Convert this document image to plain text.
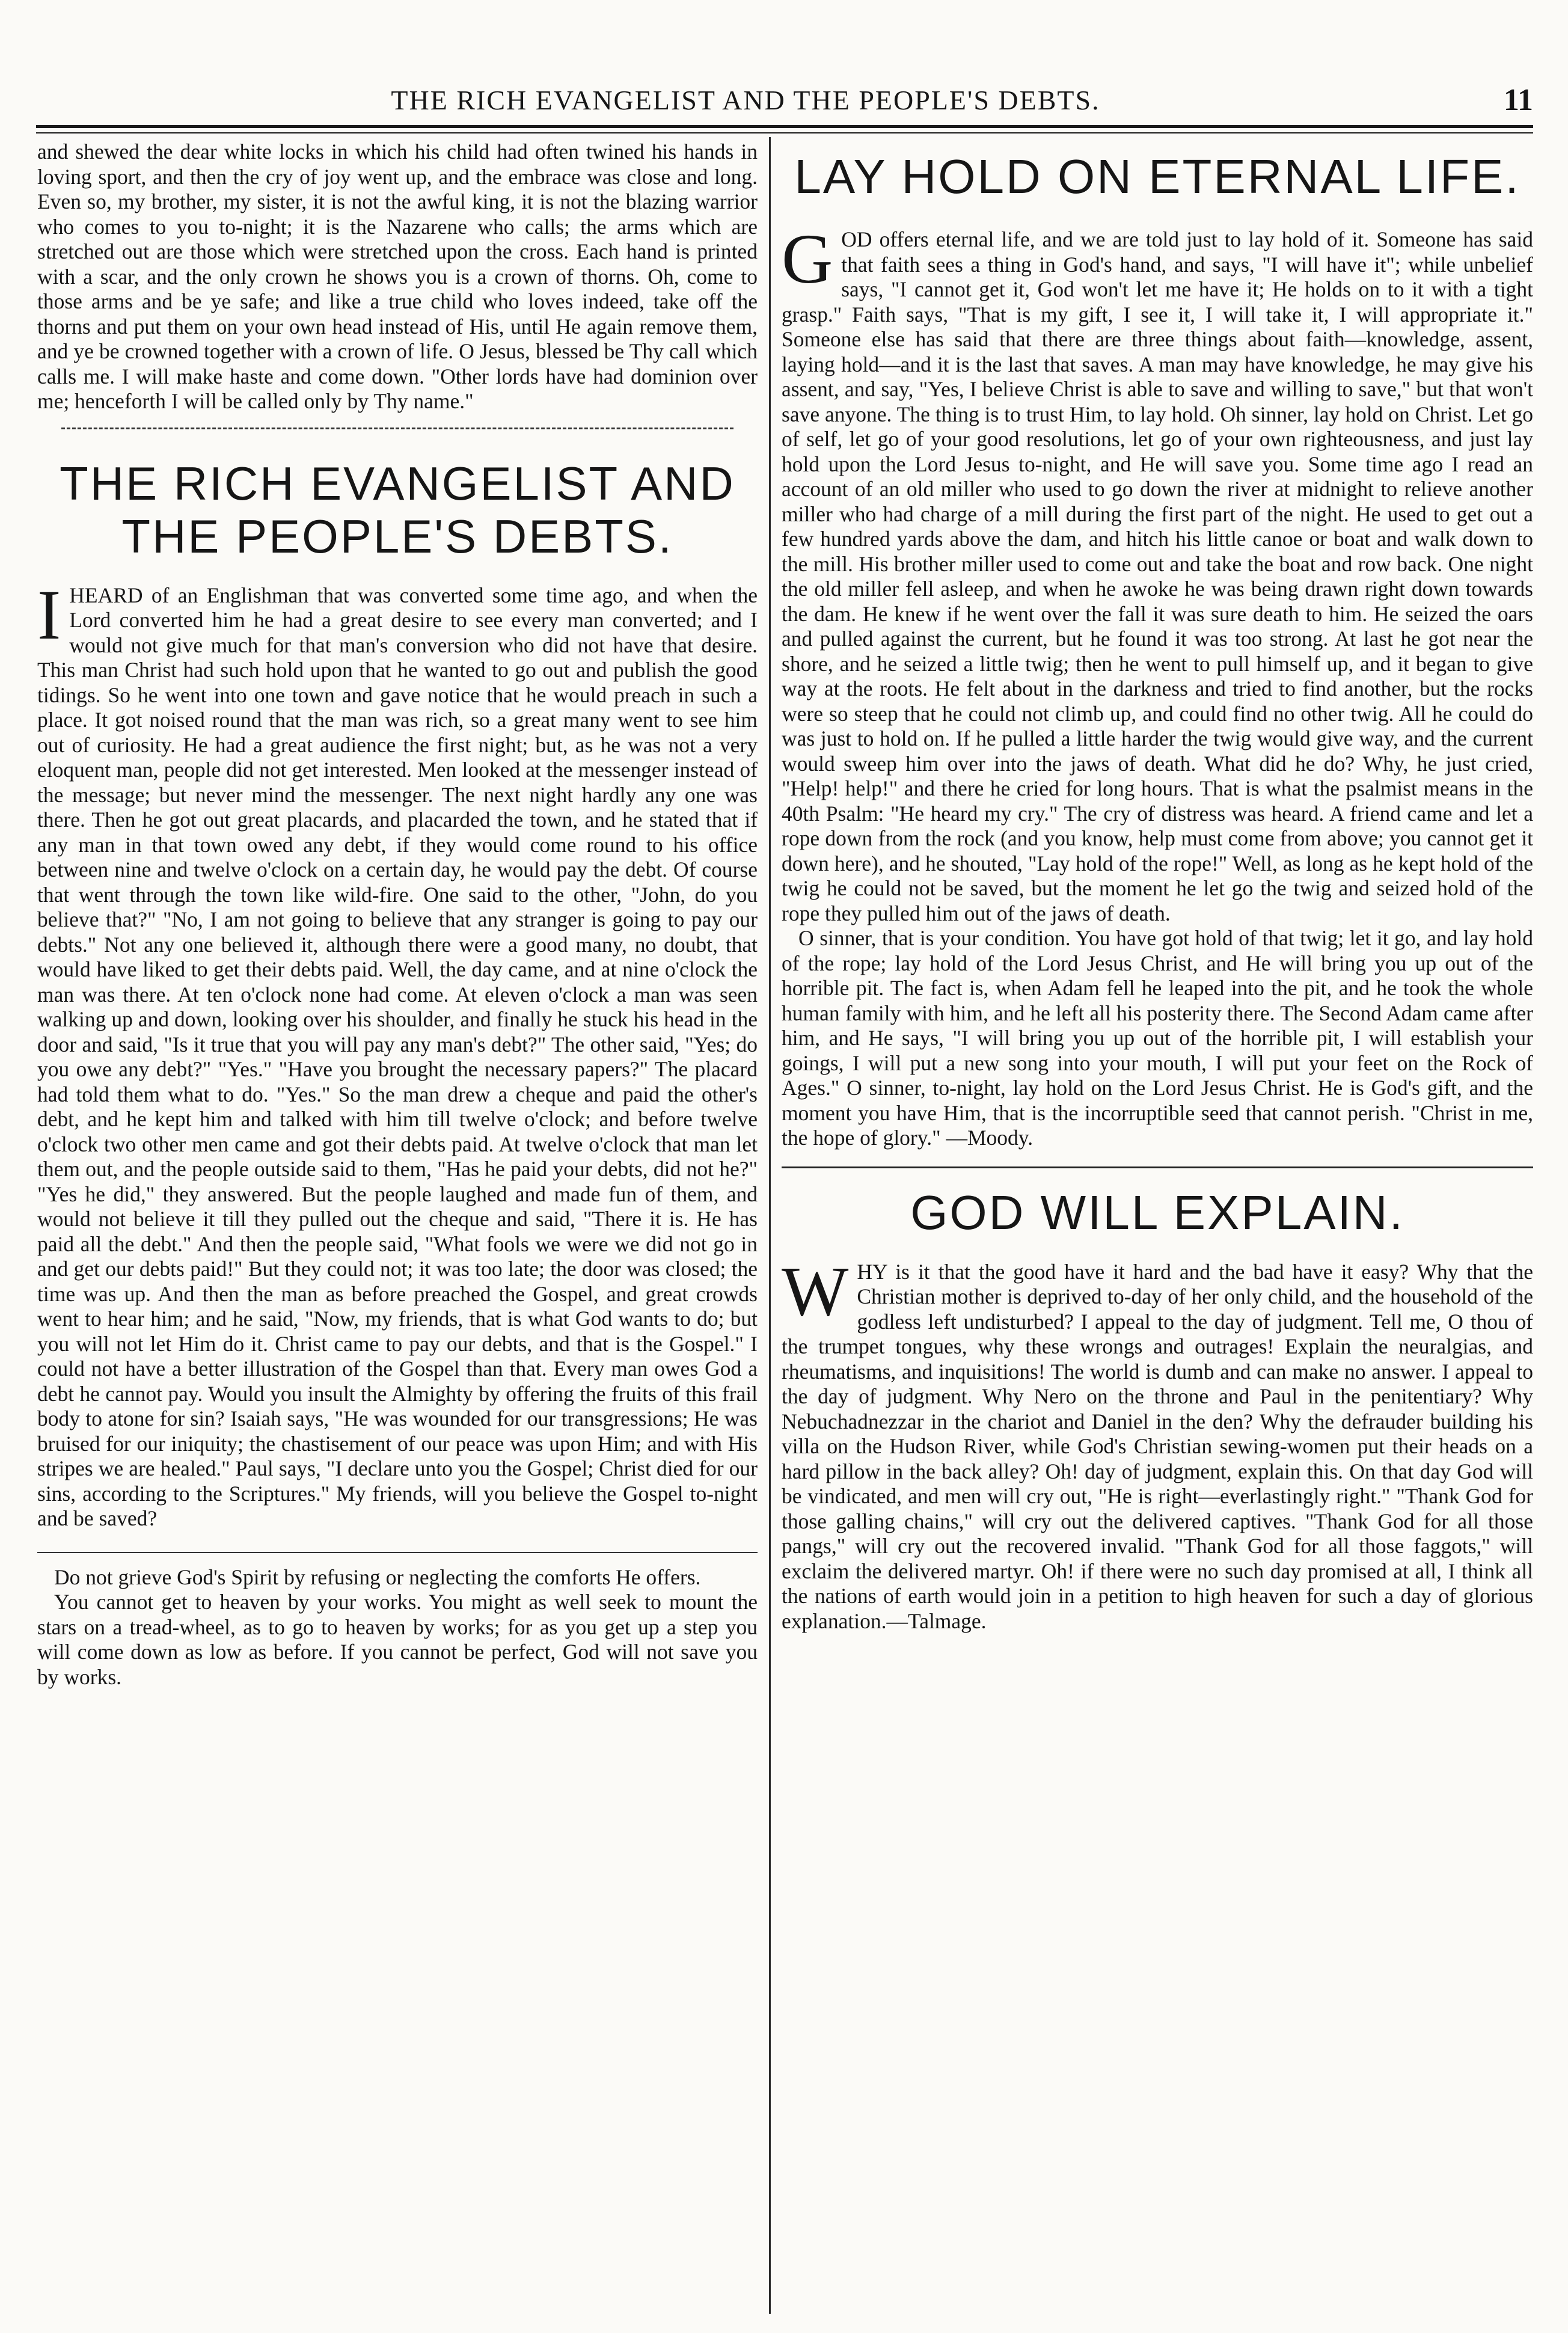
THE RICH EVANGELIST AND THE PEOPLE'S DEBTS.	11

and shewed the dear white locks in which his child had often twined his hands in loving sport, and then the cry of joy went up, and the embrace was close and long. Even so, my brother, my sister, it is not the awful king, it is not the blazing warrior who comes to you to-night; it is the Nazarene who calls; the arms which are stretched out are those which were stretched upon the cross. Each hand is printed with a scar, and the only crown he shows you is a crown of thorns. Oh, come to those arms and be ye safe; and like a true child who loves indeed, take off the thorns and put them on your own head instead of His, until He again remove them, and ye be crowned together with a crown of life. O Jesus, blessed be Thy call which calls me. I will make haste and come down. "Other lords have had dominion over me; henceforth I will be called only by Thy name."

THE RICH EVANGELIST AND THE PEOPLE'S DEBTS.

IHEARD of an Englishman that was converted some time ago, and when the Lord converted him he had a great desire to see every man converted; and I would not give much for that man's conversion who did not have that desire. This man Christ had such hold upon that he wanted to go out and publish the good tidings. So he went into one town and gave notice that he would preach in such a place. It got noised round that the man was rich, so a great many went to see him out of curiosity. He had a great audience the first night; but, as he was not a very eloquent man, people did not get interested. Men looked at the messenger instead of the message; but never mind the messenger. The next night hardly any one was there. Then he got out great placards, and placarded the town, and he stated that if any man in that town owed any debt, if they would come round to his office between nine and twelve o'clock on a certain day, he would pay the debt. Of course that went through the town like wild-fire. One said to the other, "John, do you believe that?" "No, I am not going to believe that any stranger is going to pay our debts." Not any one believed it, although there were a good many, no doubt, that would have liked to get their debts paid. Well, the day came, and at nine o'clock the man was there. At ten o'clock none had come. At eleven o'clock a man was seen walking up and down, looking over his shoulder, and finally he stuck his head in the door and said, "Is it true that you will pay any man's debt?" The other said, "Yes; do you owe any debt?" "Yes." "Have you brought the necessary papers?" The placard had told them what to do. "Yes." So the man drew a cheque and paid the other's debt, and he kept him and talked with him till twelve o'clock; and before twelve o'clock two other men came and got their debts paid. At twelve o'clock that man let them out, and the people outside said to them, "Has he paid your debts, did not he?" "Yes he did," they answered. But the people laughed and made fun of them, and would not believe it till they pulled out the cheque and said, "There it is. He has paid all the debt." And then the people said, "What fools we were we did not go in and get our debts paid!" But they could not; it was too late; the door was closed; the time was up. And then the man as before preached the Gospel, and great crowds went to hear him; and he said, "Now, my friends, that is what God wants to do; but you will not let Him do it. Christ came to pay our debts, and that is the Gospel." I could not have a better illustration of the Gospel than that. Every man owes God a debt he cannot pay. Would you insult the Almighty by offering the fruits of this frail body to atone for sin? Isaiah says, "He was wounded for our transgressions; He was bruised for our iniquity; the chastisement of our peace was upon Him; and with His stripes we are healed." Paul says, "I declare unto you the Gospel; Christ died for our sins, according to the Scriptures." My friends, will you believe the Gospel to-night and be saved?

Do not grieve God's Spirit by refusing or neglecting the comforts He offers.

You cannot get to heaven by your works. You might as well seek to mount the stars on a tread-wheel, as to go to heaven by works; for as you get up a step you will come down as low as before. If you cannot be perfect, God will not save you by works.

LAY HOLD ON ETERNAL LIFE.

GOD offers eternal life, and we are told just to lay hold of it. Someone has said that faith sees a thing in God's hand, and says, "I will have it"; while unbelief says, "I cannot get it, God won't let me have it; He holds on to it with a tight grasp." Faith says, "That is my gift, I see it, I will take it, I will appropriate it." Someone else has said that there are three things about faith—knowledge, assent, laying hold—and it is the last that saves. A man may have knowledge, he may give his assent, and say, "Yes, I believe Christ is able to save and willing to save," but that won't save anyone. The thing is to trust Him, to lay hold. Oh sinner, lay hold on Christ. Let go of self, let go of your good resolutions, let go of your own righteousness, and just lay hold upon the Lord Jesus to-night, and He will save you. Some time ago I read an account of an old miller who used to go down the river at midnight to relieve another miller who had charge of a mill during the first part of the night. He used to get out a few hundred yards above the dam, and hitch his little canoe or boat and walk down to the mill. His brother miller used to come out and take the boat and row back. One night the old miller fell asleep, and when he awoke he was being drawn right down towards the dam. He knew if he went over the fall it was sure death to him. He seized the oars and pulled against the current, but he found it was too strong. At last he got near the shore, and he seized a little twig; then he went to pull himself up, and it began to give way at the roots. He felt about in the darkness and tried to find another, but the rocks were so steep that he could not climb up, and could find no other twig. All he could do was just to hold on. If he pulled a little harder the twig would give way, and the current would sweep him over into the jaws of death. What did he do? Why, he just cried, "Help! help!" and there he cried for long hours. That is what the psalmist means in the 40th Psalm: "He heard my cry." The cry of distress was heard. A friend came and let a rope down from the rock (and you know, help must come from above; you cannot get it down here), and he shouted, "Lay hold of the rope!" Well, as long as he kept hold of the twig he could not be saved, but the moment he let go the twig and seized hold of the rope they pulled him out of the jaws of death.

O sinner, that is your condition. You have got hold of that twig; let it go, and lay hold of the rope; lay hold of the Lord Jesus Christ, and He will bring you up out of the horrible pit. The fact is, when Adam fell he leaped into the pit, and he took the whole human family with him, and he left all his posterity there. The Second Adam came after him, and He says, "I will bring you up out of the horrible pit, I will establish your goings, I will put a new song into your mouth, I will put your feet on the Rock of Ages." O sinner, to-night, lay hold on the Lord Jesus Christ. He is God's gift, and the moment you have Him, that is the incorruptible seed that cannot perish. "Christ in me, the hope of glory." —Moody.

GOD WILL EXPLAIN.

WHY is it that the good have it hard and the bad have it easy? Why that the Christian mother is deprived to-day of her only child, and the household of the godless left undisturbed? I appeal to the day of judgment. Tell me, O thou of the trumpet tongues, why these wrongs and outrages! Explain the neuralgias, and rheumatisms, and inquisitions! The world is dumb and can make no answer. I appeal to the day of judgment. Why Nero on the throne and Paul in the penitentiary? Why Nebuchadnezzar in the chariot and Daniel in the den? Why the defrauder building his villa on the Hudson River, while God's Christian sewing-women put their heads on a hard pillow in the back alley? Oh! day of judgment, explain this. On that day God will be vindicated, and men will cry out, "He is right—everlastingly right." "Thank God for those galling chains," will cry out the delivered captives. "Thank God for all those pangs," will cry out the recovered invalid. "Thank God for all those faggots," will exclaim the delivered martyr. Oh! if there were no such day promised at all, I think all the nations of earth would join in a petition to high heaven for such a day of glorious explanation.—Talmage.
